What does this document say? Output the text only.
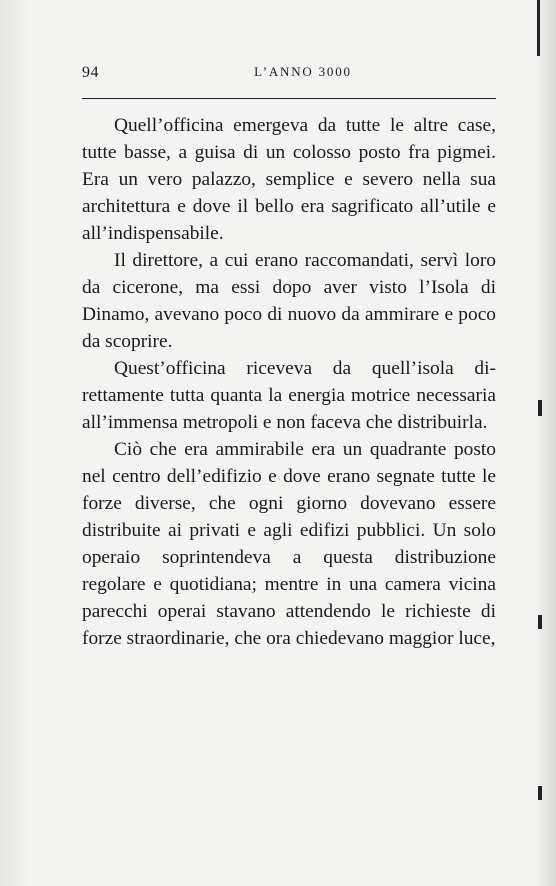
94	L’ANNO 3000

Quell’officina emergeva da tutte le altre case, tutte basse, a guisa di un colosso posto fra pigmei. Era un vero palazzo, semplice e severo nella sua architettura e dove il bello era sagrificato all’utile e all’indispensabile.

Il direttore, a cui erano raccomandati, servì loro da cicerone, ma essi dopo aver visto l’Isola di Dinamo, avevano poco di nuovo da ammirare e poco da scoprire.

Quest’officina riceveva da quell’isola direttamente tutta quanta la energia motrice necessaria all’immensa metropoli e non faceva che distribuirla.

Ciò che era ammirabile era un quadrante posto nel centro dell’edifizio e dove erano segnate tutte le forze diverse, che ogni giorno dovevano essere distribuite ai privati e agli edifizi pubblici. Un solo operaio soprintendeva a questa distribuzione regolare e quotidiana; mentre in una camera vicina parecchi operai stavano attendendo le richieste di forze straordinarie, che ora chiedevano maggior luce,
